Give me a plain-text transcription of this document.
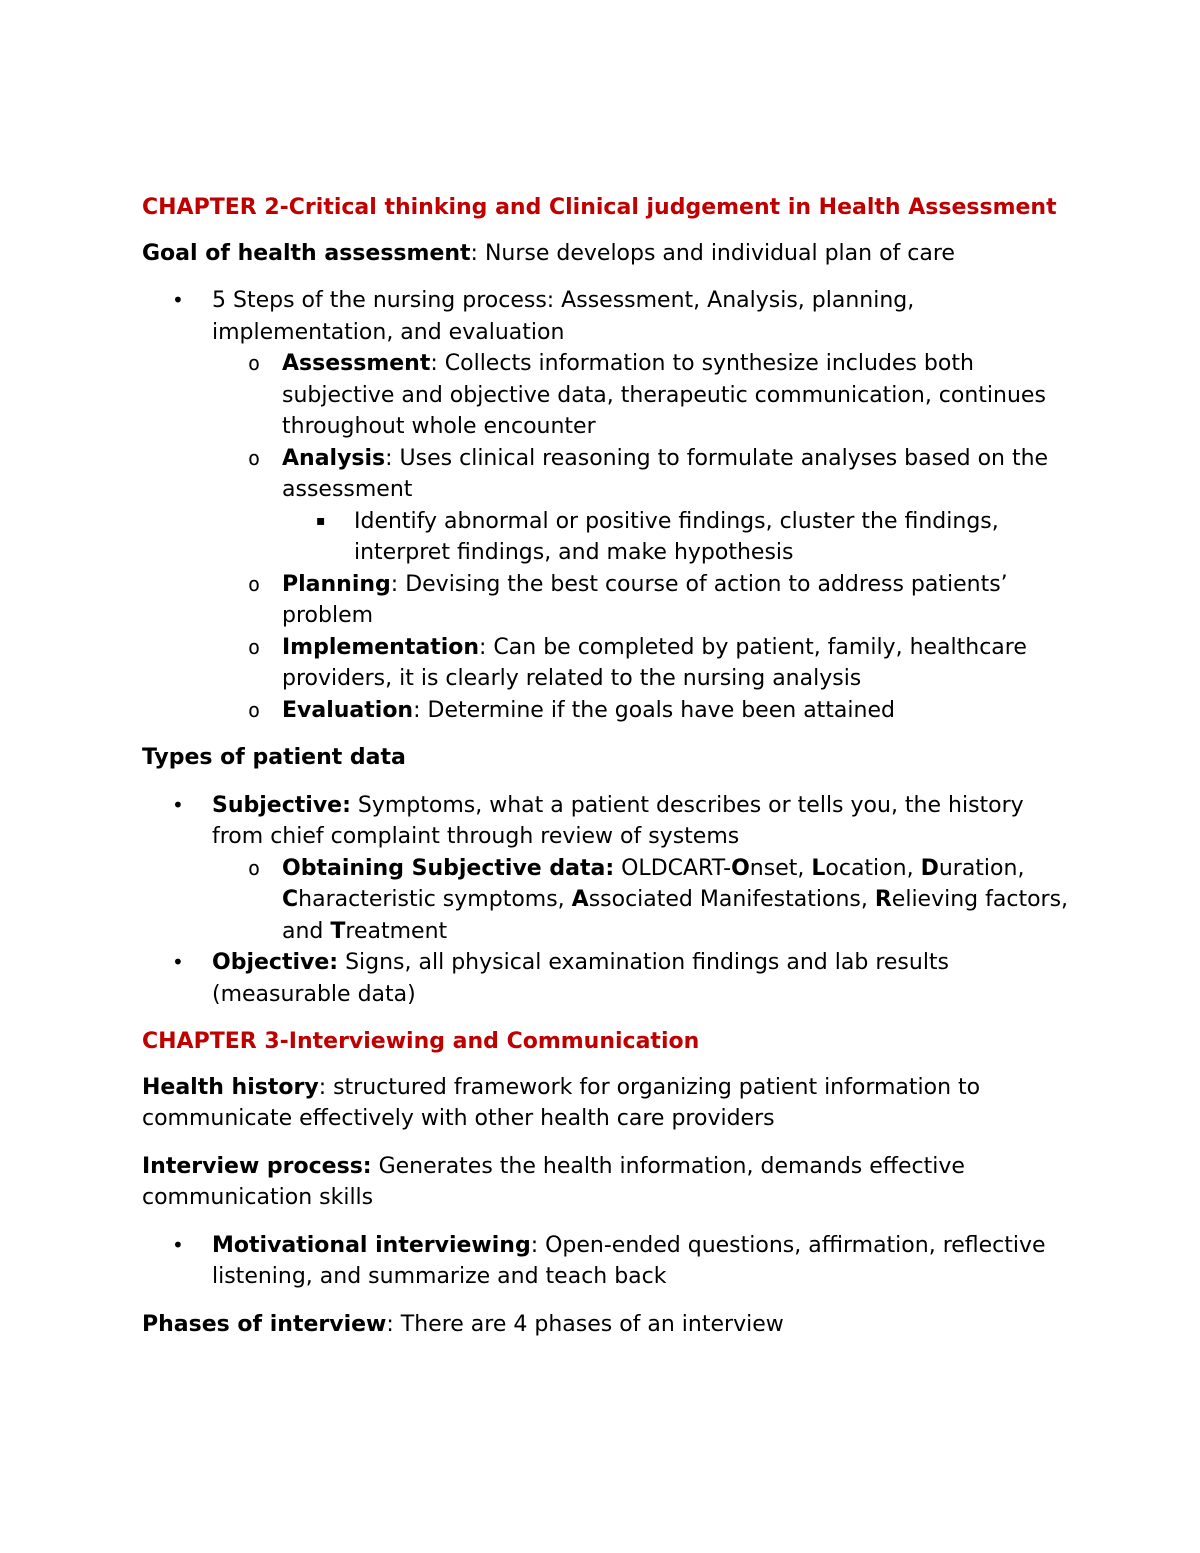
CHAPTER 2-Critical thinking and Clinical judgement in Health Assessment
Goal of health assessment: Nurse develops and individual plan of care
• 5 Steps of the nursing process: Assessment, Analysis, planning, implementation, and evaluation
o Assessment: Collects information to synthesize includes both subjective and objective data, therapeutic communication, continues throughout whole encounter
o Analysis: Uses clinical reasoning to formulate analyses based on the assessment
▪ Identify abnormal or positive findings, cluster the findings, interpret findings, and make hypothesis
o Planning: Devising the best course of action to address patients’ problem
o Implementation: Can be completed by patient, family, healthcare providers, it is clearly related to the nursing analysis
o Evaluation: Determine if the goals have been attained
Types of patient data
• Subjective: Symptoms, what a patient describes or tells you, the history from chief complaint through review of systems
o Obtaining Subjective data: OLDCART-Onset, Location, Duration, Characteristic symptoms, Associated Manifestations, Relieving factors, and Treatment
• Objective: Signs, all physical examination findings and lab results (measurable data)
CHAPTER 3-Interviewing and Communication
Health history: structured framework for organizing patient information to communicate effectively with other health care providers
Interview process: Generates the health information, demands effective communication skills
• Motivational interviewing: Open-ended questions, affirmation, reflective listening, and summarize and teach back
Phases of interview: There are 4 phases of an interview
